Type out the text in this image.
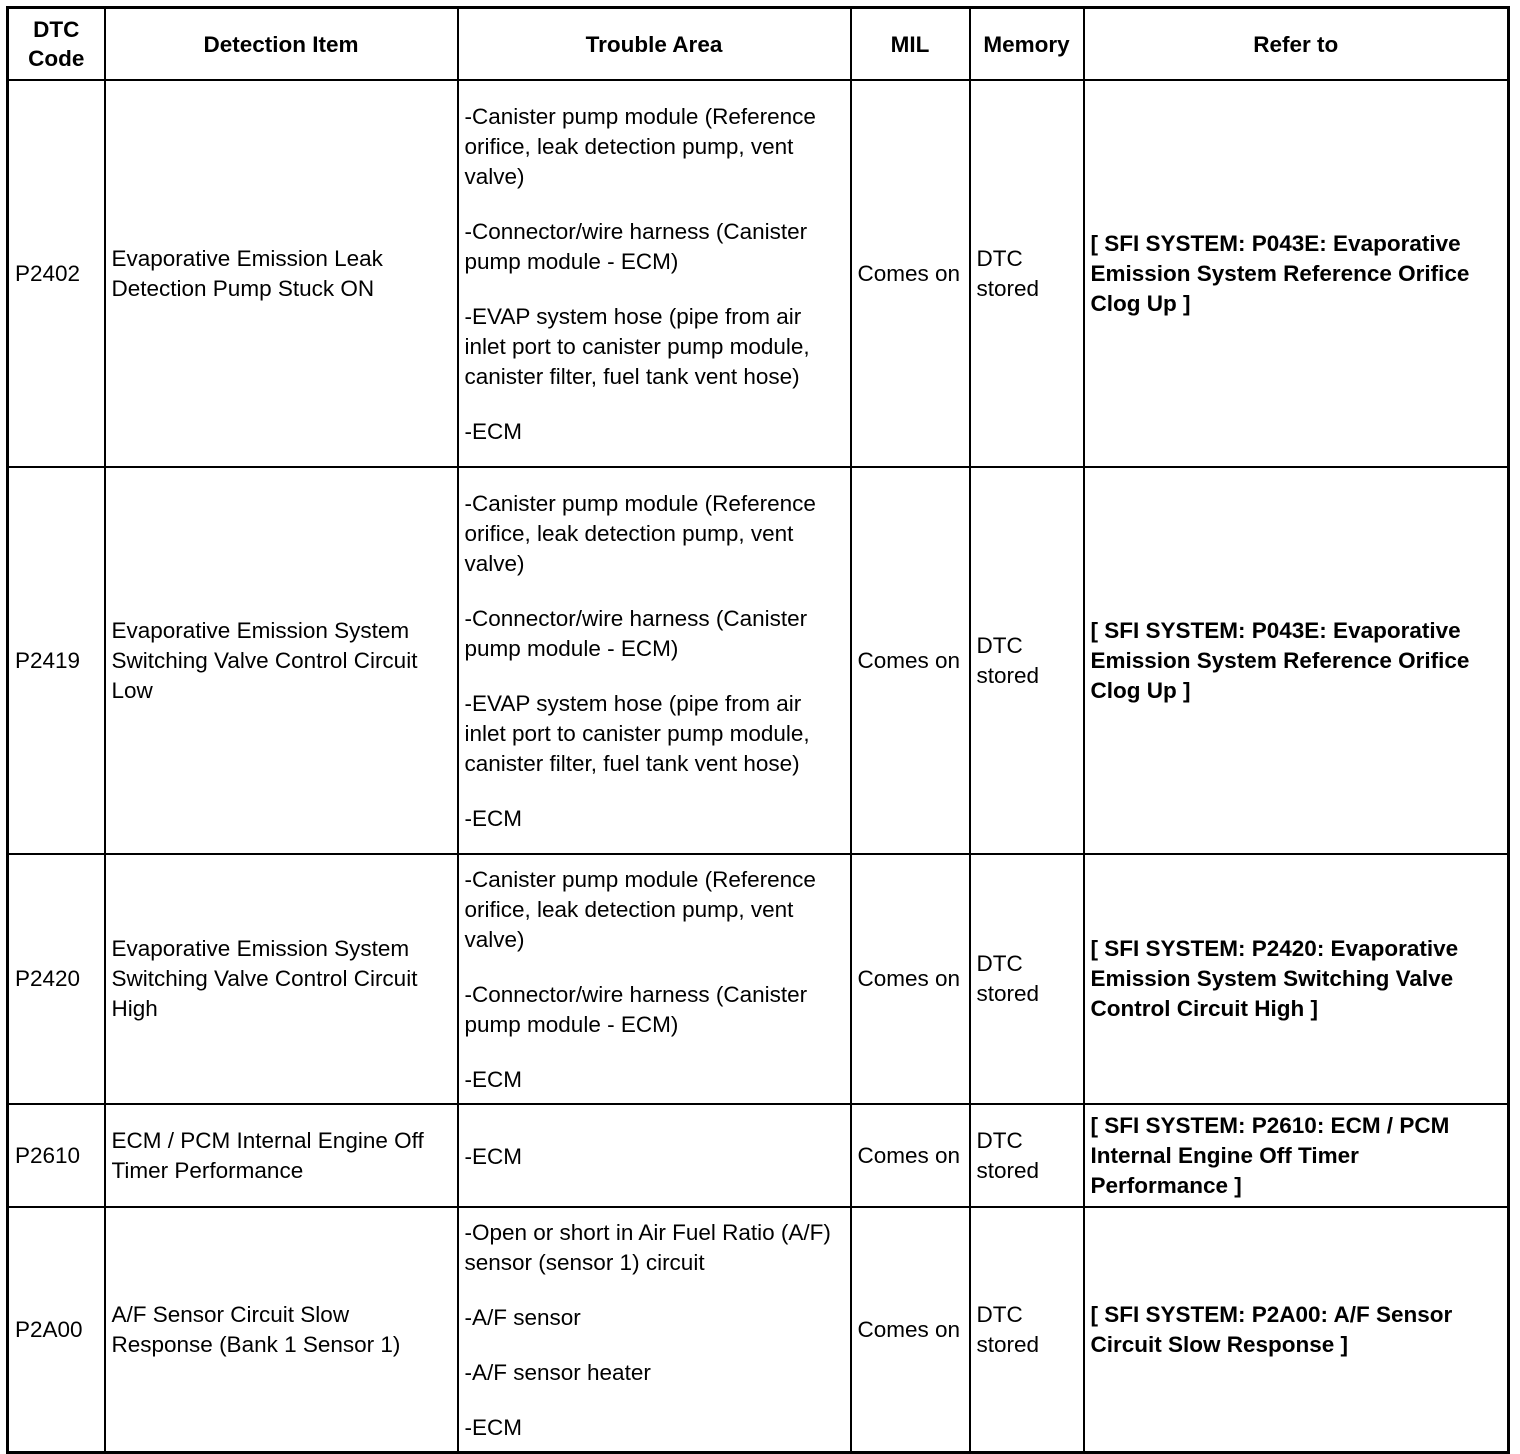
DTC
Code	Detection Item	Trouble Area	MIL	Memory	Refer to
P2402	Evaporative Emission Leak Detection Pump Stuck ON	-Canister pump module (Reference orifice, leak detection pump, vent valve)

-Connector/wire harness (Canister pump module - ECM)

-EVAP system hose (pipe from air inlet port to canister pump module, canister filter, fuel tank vent hose)

-ECM	Comes on	DTC stored	[ SFI SYSTEM: P043E: Evaporative Emission System Reference Orifice Clog Up ]
P2419	Evaporative Emission System Switching Valve Control Circuit Low	-Canister pump module (Reference orifice, leak detection pump, vent valve)

-Connector/wire harness (Canister pump module - ECM)

-EVAP system hose (pipe from air inlet port to canister pump module, canister filter, fuel tank vent hose)

-ECM	Comes on	DTC stored	[ SFI SYSTEM: P043E: Evaporative Emission System Reference Orifice Clog Up ]
P2420	Evaporative Emission System Switching Valve Control Circuit High	-Canister pump module (Reference orifice, leak detection pump, vent valve)

-Connector/wire harness (Canister pump module - ECM)

-ECM	Comes on	DTC stored	[ SFI SYSTEM: P2420: Evaporative Emission System Switching Valve Control Circuit High ]
P2610	ECM / PCM Internal Engine Off Timer Performance	-ECM	Comes on	DTC stored	[ SFI SYSTEM: P2610: ECM / PCM Internal Engine Off Timer Performance ]
P2A00	A/F Sensor Circuit Slow Response (Bank 1 Sensor 1)	-Open or short in Air Fuel Ratio (A/F) sensor (sensor 1) circuit

-A/F sensor

-A/F sensor heater

-ECM	Comes on	DTC stored	[ SFI SYSTEM: P2A00: A/F Sensor Circuit Slow Response ]
